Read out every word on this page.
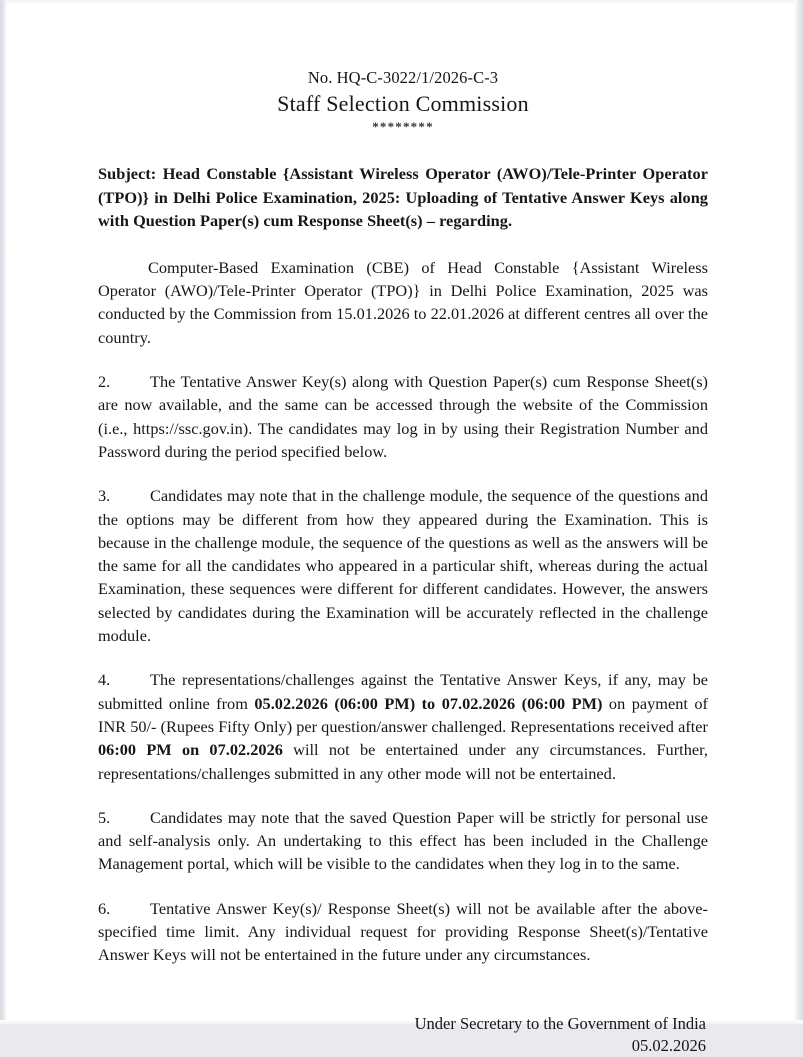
No. HQ-C-3022/1/2026-C-3
Staff Selection Commission
********
Subject: Head Constable {Assistant Wireless Operator (AWO)/Tele-Printer Operator (TPO)} in Delhi Police Examination, 2025: Uploading of Tentative Answer Keys along with Question Paper(s) cum Response Sheet(s) – regarding.

Computer-Based Examination (CBE) of Head Constable {Assistant Wireless Operator (AWO)/Tele-Printer Operator (TPO)} in Delhi Police Examination, 2025 was conducted by the Commission from 15.01.2026 to 22.01.2026 at different centres all over the country.

2. The Tentative Answer Key(s) along with Question Paper(s) cum Response Sheet(s) are now available, and the same can be accessed through the website of the Commission (i.e., https://ssc.gov.in). The candidates may log in by using their Registration Number and Password during the period specified below.

3. Candidates may note that in the challenge module, the sequence of the questions and the options may be different from how they appeared during the Examination. This is because in the challenge module, the sequence of the questions as well as the answers will be the same for all the candidates who appeared in a particular shift, whereas during the actual Examination, these sequences were different for different candidates. However, the answers selected by candidates during the Examination will be accurately reflected in the challenge module.

4. The representations/challenges against the Tentative Answer Keys, if any, may be submitted online from 05.02.2026 (06:00 PM) to 07.02.2026 (06:00 PM) on payment of INR 50/- (Rupees Fifty Only) per question/answer challenged. Representations received after 06:00 PM on 07.02.2026 will not be entertained under any circumstances. Further, representations/challenges submitted in any other mode will not be entertained.

5. Candidates may note that the saved Question Paper will be strictly for personal use and self-analysis only. An undertaking to this effect has been included in the Challenge Management portal, which will be visible to the candidates when they log in to the same.

6. Tentative Answer Key(s)/ Response Sheet(s) will not be available after the above-specified time limit. Any individual request for providing Response Sheet(s)/Tentative Answer Keys will not be entertained in the future under any circumstances.

Under Secretary to the Government of India
05.02.2026
